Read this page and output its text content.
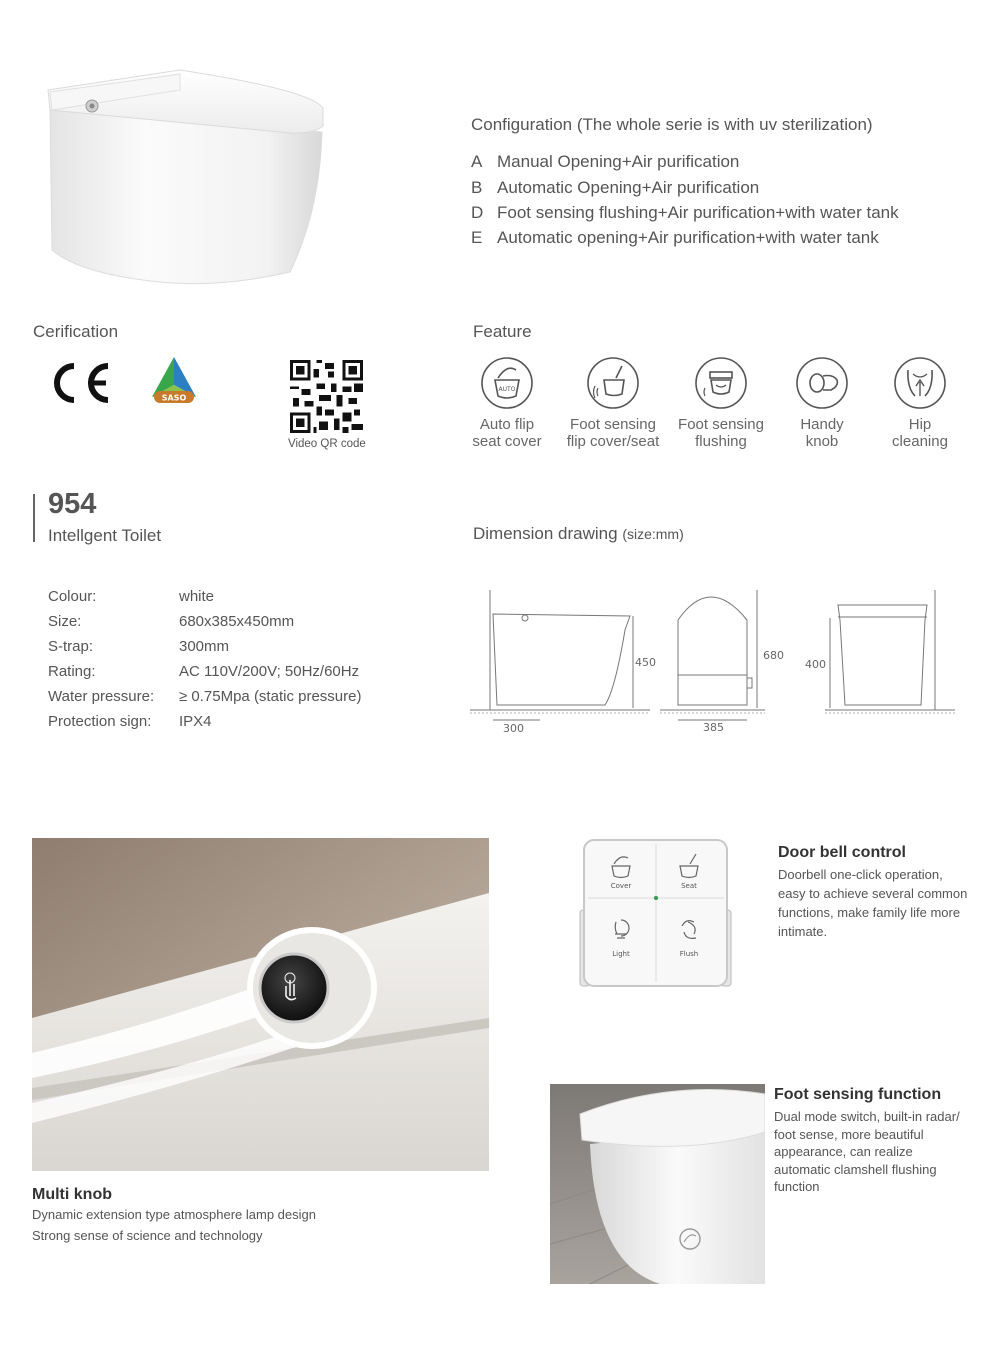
· · ·
Configuration (The whole serie is with uv sterilization)
A Manual Opening+Air purification
B Automatic Opening+Air purification
D Foot sensing flushing+Air purification+with water tank
E Automatic opening+Air purification+with water tank
Cerification
SASO
Video QR code
Feature
AUTO
Auto flip
seat cover
Foot sensing
flip cover/seat
Foot sensing
flushing
Handy
knob
Hip
cleaning
954
Intellgent Toilet
Colour:	white
Size:	680x385x450mm
S-trap:	300mm
Rating:	AC 110V/200V; 50Hz/60Hz
Water pressure: ≥ 0.75Mpa (static pressure)
Protection sign: IPX4
Dimension drawing (size:mm)
450
300
680
385
400
Multi knob
Dynamic extension type atmosphere lamp design
Strong sense of science and technology
Cover	Seat
Light	Flush
Door bell control
Doorbell one-click operation,
easy to achieve several common
functions, make family life more
intimate.
Foot sensing function
Dual mode switch, built-in radar/
foot sense, more beautiful
appearance, can realize
automatic clamshell flushing
function
